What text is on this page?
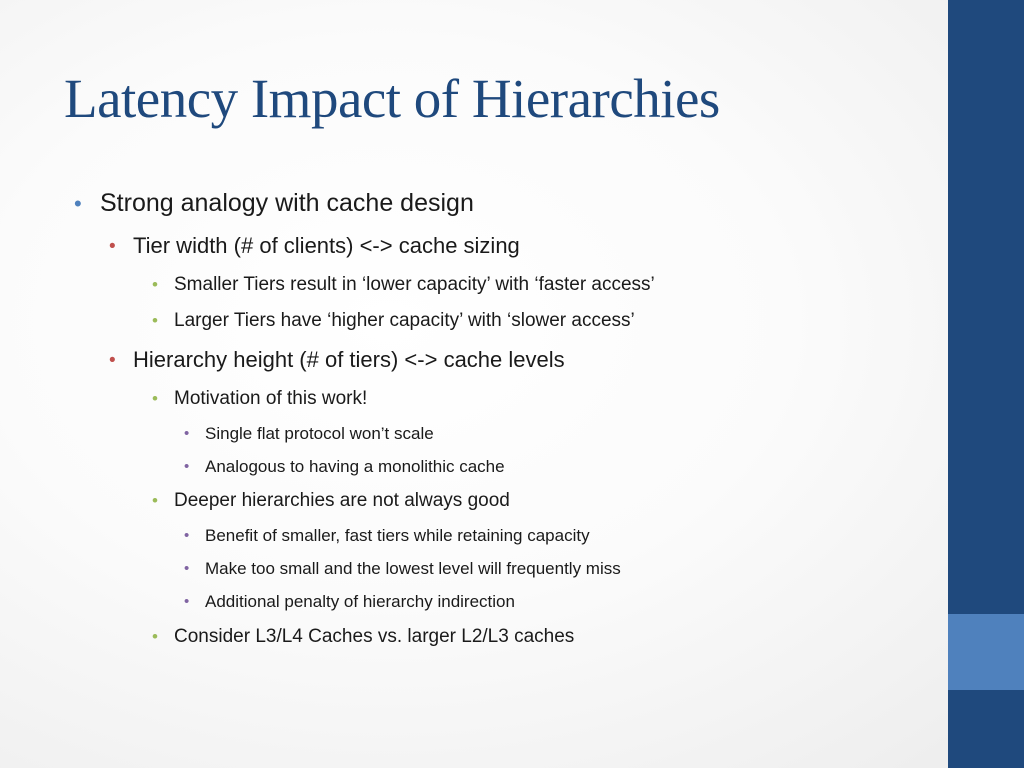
Latency Impact of Hierarchies
• Strong analogy with cache design
• Tier width (# of clients) <-> cache sizing
• Smaller Tiers result in ‘lower capacity’ with ‘faster access’
• Larger Tiers have ‘higher capacity’ with ‘slower access’
• Hierarchy height (# of tiers) <-> cache levels
• Motivation of this work!
• Single flat protocol won’t scale
• Analogous to having a monolithic cache
• Deeper hierarchies are not always good
• Benefit of smaller, fast tiers while retaining capacity
• Make too small and the lowest level will frequently miss
• Additional penalty of hierarchy indirection
• Consider L3/L4 Caches vs. larger L2/L3 caches
